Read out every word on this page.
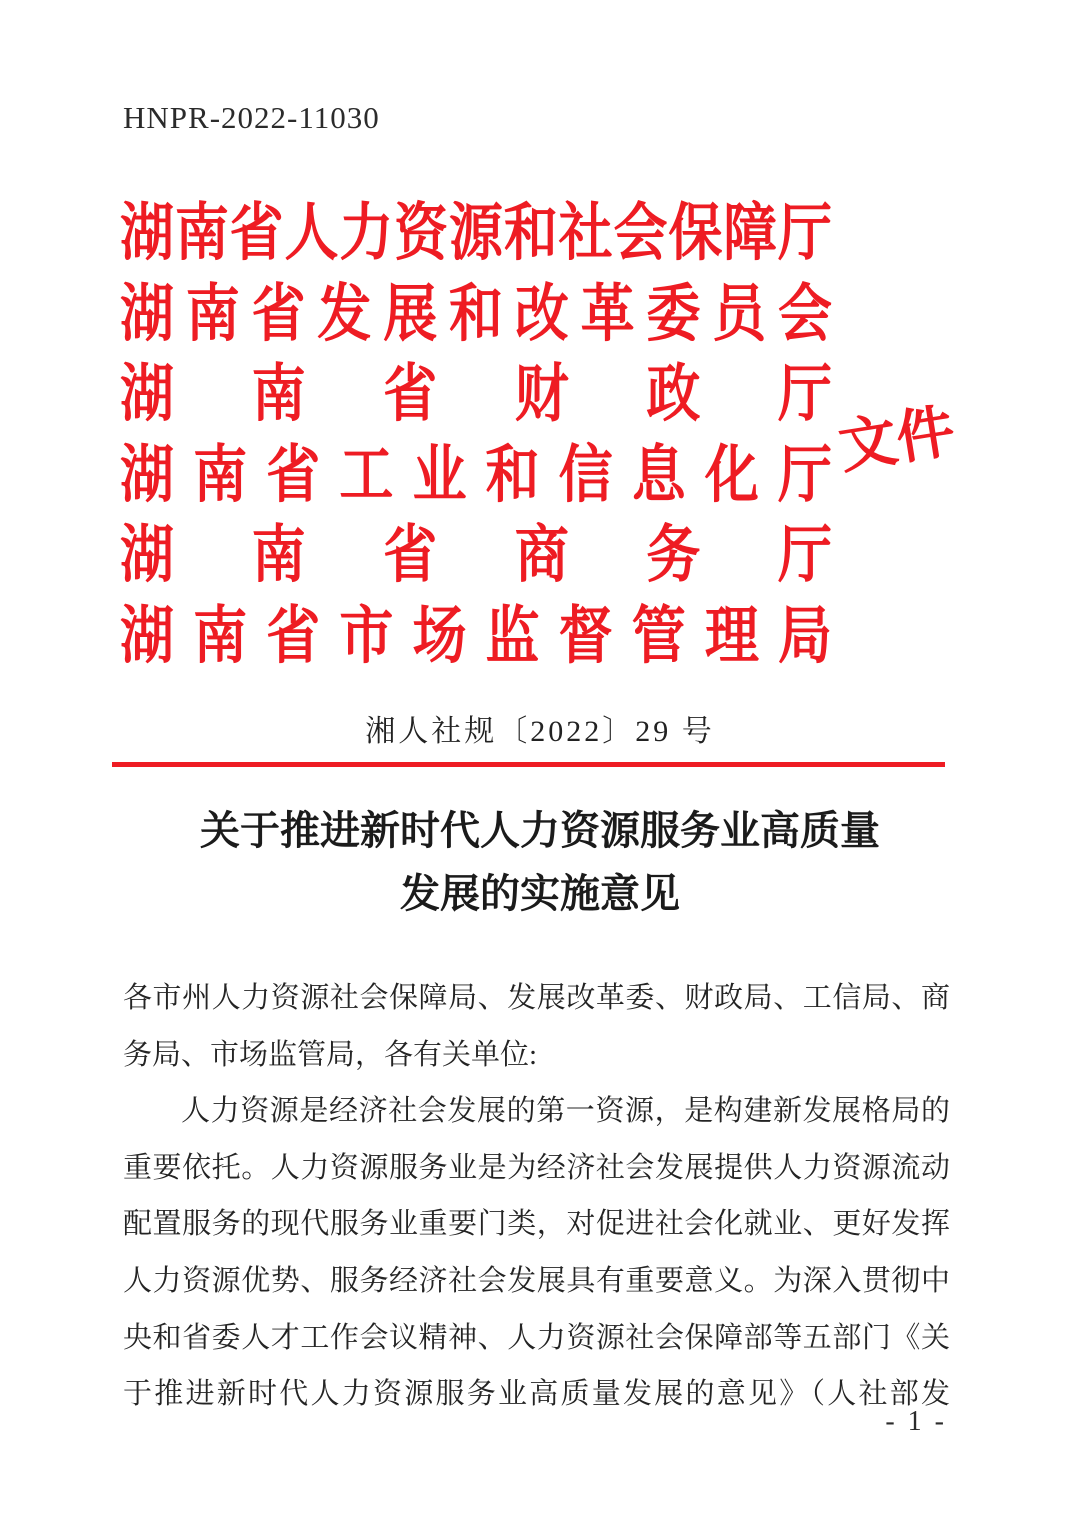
HNPR-2022-11030
湖南省人力资源和社会保障厅
湖南省发展和改革委员会
湖南省财政厅
湖南省工业和信息化厅
湖南省商务厅
湖南省市场监督管理局
文件
湘人社规〔2022〕29 号
关于推进新时代人力资源服务业高质量
发展的实施意见
各市州人力资源社会保障局、发展改革委、财政局、工信局、商
务局、市场监管局，各有关单位:
人力资源是经济社会发展的第一资源，是构建新发展格局的
重要依托。人力资源服务业是为经济社会发展提供人力资源流动
配置服务的现代服务业重要门类，对促进社会化就业、更好发挥
人力资源优势、服务经济社会发展具有重要意义。为深入贯彻中
央和省委人才工作会议精神、人力资源社会保障部等五部门《关
于推进新时代人力资源服务业高质量发展的意见》（人社部发
- 1 -
